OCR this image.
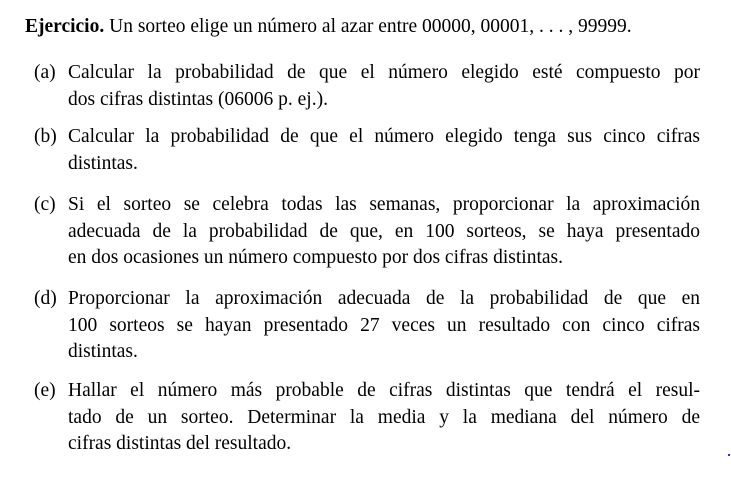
Ejercicio. Un sorteo elige un número al azar entre 00000, 00001, . . . , 99999.
(a) Calcular la probabilidad de que el número elegido esté compuesto por
dos cifras distintas (06006 p. ej.).
(b) Calcular la probabilidad de que el número elegido tenga sus cinco cifras
distintas.
(c) Si el sorteo se celebra todas las semanas, proporcionar la aproximación
adecuada de la probabilidad de que, en 100 sorteos, se haya presentado
en dos ocasiones un número compuesto por dos cifras distintas.
(d) Proporcionar la aproximación adecuada de la probabilidad de que en
100 sorteos se hayan presentado 27 veces un resultado con cinco cifras
distintas.
(e) Hallar el número más probable de cifras distintas que tendrá el resul-
tado de un sorteo. Determinar la media y la mediana del número de
cifras distintas del resultado.
